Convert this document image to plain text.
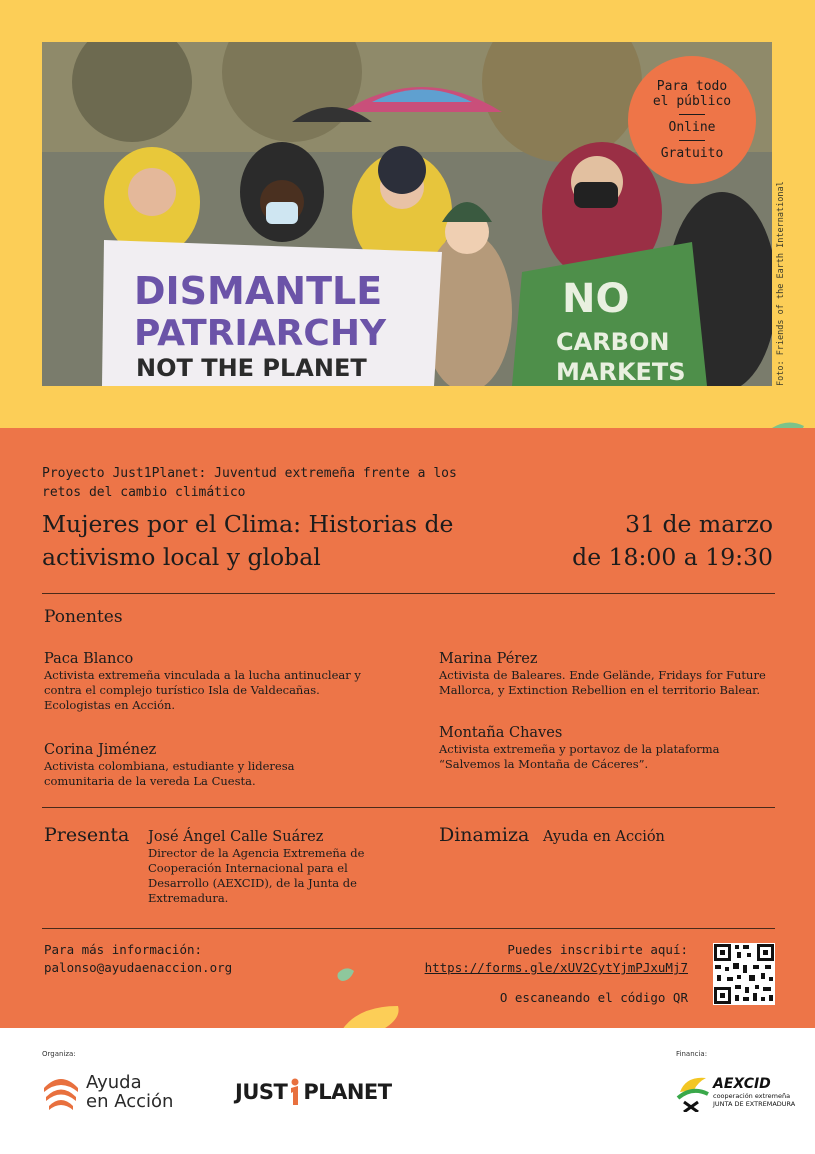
DISMANTLE
PATRIARCHY
NOT THE PLANET
NO
CARBON
MARKETS	Foto: Friends of the Earth International
Para todo el público
Online
Gratuito
Proyecto Just1Planet: Juventud extremeña frente a los retos del cambio climático
Mujeres por el Clima: Historias de
activismo local y global
31 de marzo
de 18:00 a 19:30
Ponentes
Paca Blanco
Activista extremeña vinculada a la lucha antinuclear y
contra el complejo turístico Isla de Valdecañas.
Ecologistas en Acción.
Corina Jiménez
Activista colombiana, estudiante y lideresa
comunitaria de la vereda La Cuesta.
Marina Pérez
Activista de Baleares. Ende Gelände, Fridays for Future
Mallorca, y Extinction Rebellion en el territorio Balear.
Montaña Chaves
Activista extremeña y portavoz de la plataforma
“Salvemos la Montaña de Cáceres”.
Presenta José Ángel Calle Suárez
Director de la Agencia Extremeña de
Cooperación Internacional para el
Desarrollo (AEXCID), de la Junta de
Extremadura.
Dinamiza Ayuda en Acción
Para más información:
palonso@ayudaenaccion.org
Puedes inscribirte aquí:
https://forms.gle/xUV2CytYjmPJxuMj7
O escaneando el código QR
Organiza:	Financia:
Ayuda
en Acción	JUST PLANET	AEXCID
cooperación extremeña
JUNTA DE EXTREMADURA
